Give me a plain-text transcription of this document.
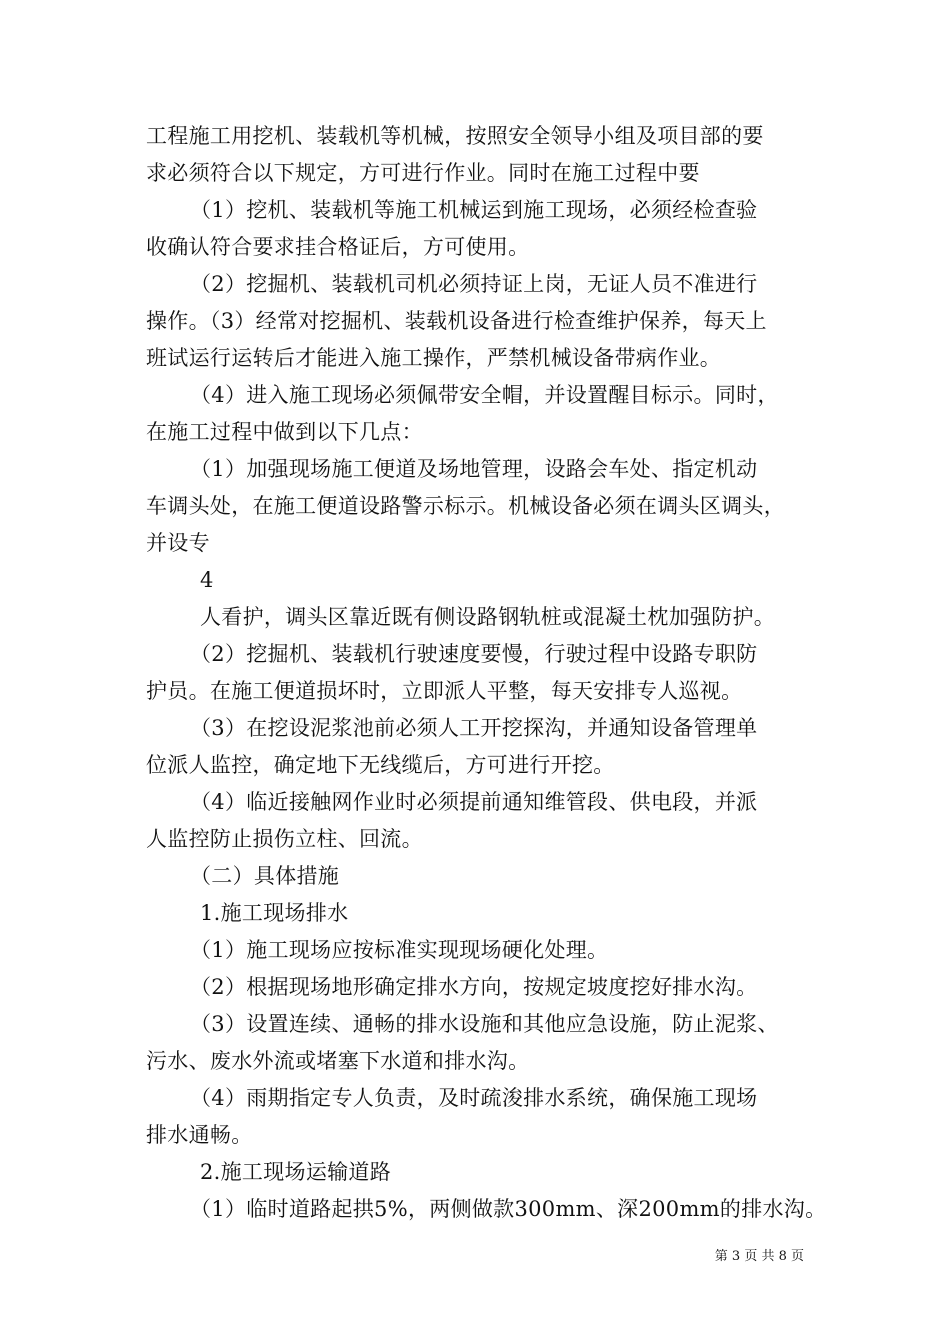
工程施工用挖机、装载机等机械，按照安全领导小组及项目部的要
求必须符合以下规定，方可进行作业。同时在施工过程中要
（1）挖机、装载机等施工机械运到施工现场，必须经检查验
收确认符合要求挂合格证后，方可使用。
（2）挖掘机、装载机司机必须持证上岗，无证人员不准进行
操作。（3）经常对挖掘机、装载机设备进行检查维护保养，每天上
班试运行运转后才能进入施工操作，严禁机械设备带病作业。
（4）进入施工现场必须佩带安全帽，并设置醒目标示。同时，
在施工过程中做到以下几点：
（1）加强现场施工便道及场地管理，设路会车处、指定机动
车调头处，在施工便道设路警示标示。机械设备必须在调头区调头，
并设专
4
人看护，调头区靠近既有侧设路钢轨桩或混凝土枕加强防护。
（2）挖掘机、装载机行驶速度要慢，行驶过程中设路专职防
护员。在施工便道损坏时，立即派人平整，每天安排专人巡视。
（3）在挖设泥浆池前必须人工开挖探沟，并通知设备管理单
位派人监控，确定地下无线缆后，方可进行开挖。
（4）临近接触网作业时必须提前通知维管段、供电段，并派
人监控防止损伤立柱、回流。
（二）具体措施
1.施工现场排水
（1）施工现场应按标准实现现场硬化处理。
（2）根据现场地形确定排水方向，按规定坡度挖好排水沟。
（3）设置连续、通畅的排水设施和其他应急设施，防止泥浆、
污水、废水外流或堵塞下水道和排水沟。
（4）雨期指定专人负责，及时疏浚排水系统，确保施工现场
排水通畅。
2.施工现场运输道路
（1）临时道路起拱5%，两侧做款300mm、深200mm的排水沟。
第 3 页 共 8 页
